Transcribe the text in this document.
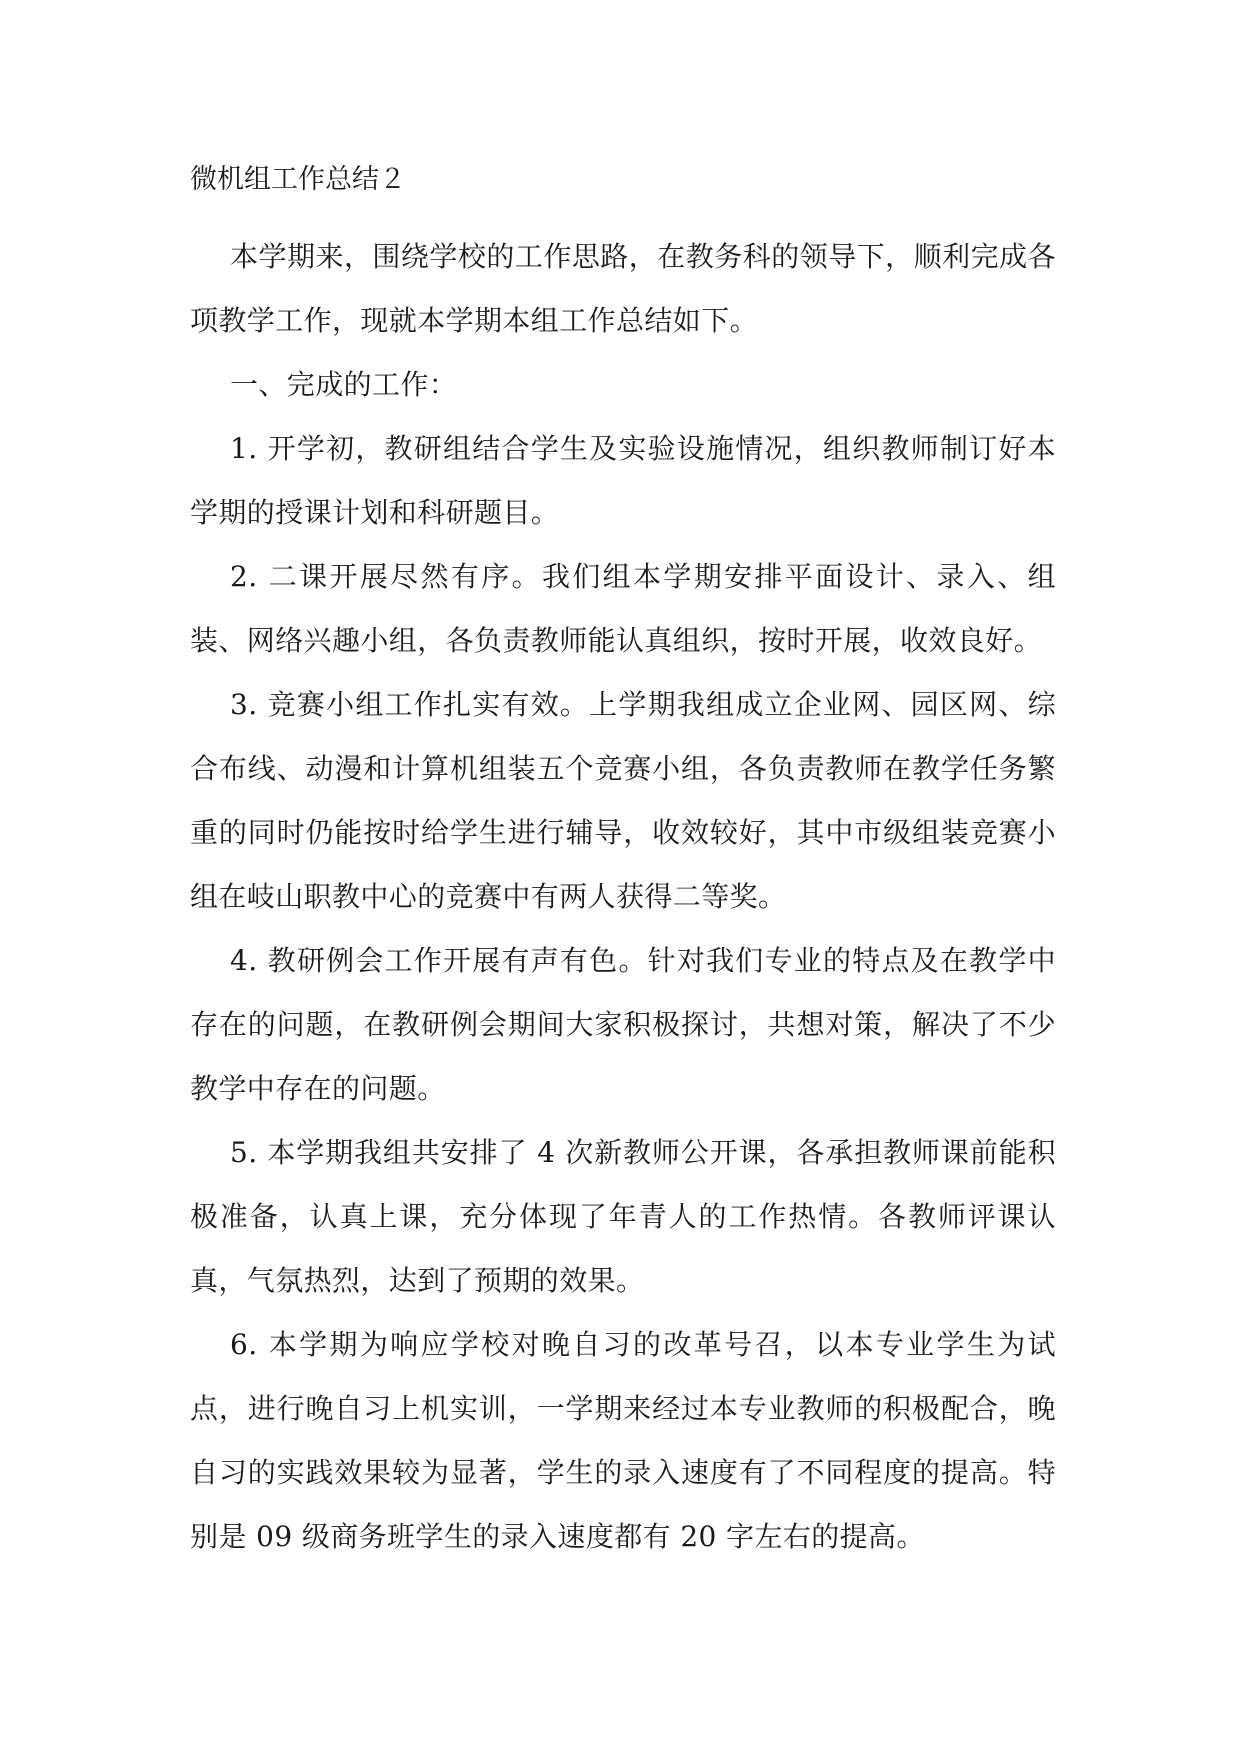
微机组工作总结２

本学期来，围绕学校的工作思路，在教务科的领导下，顺利完成各项教学工作，现就本学期本组工作总结如下。

一、完成的工作：

1. 开学初，教研组结合学生及实验设施情况，组织教师制订好本学期的授课计划和科研题目。

2. 二课开展尽然有序。我们组本学期安排平面设计、录入、组装、网络兴趣小组，各负责教师能认真组织，按时开展，收效良好。

3. 竞赛小组工作扎实有效。上学期我组成立企业网、园区网、综合布线、动漫和计算机组装五个竞赛小组，各负责教师在教学任务繁重的同时仍能按时给学生进行辅导，收效较好，其中市级组装竞赛小组在岐山职教中心的竞赛中有两人获得二等奖。

4. 教研例会工作开展有声有色。针对我们专业的特点及在教学中存在的问题，在教研例会期间大家积极探讨，共想对策，解决了不少教学中存在的问题。

5. 本学期我组共安排了 4 次新教师公开课，各承担教师课前能积极准备，认真上课，充分体现了年青人的工作热情。各教师评课认真，气氛热烈，达到了预期的效果。

6. 本学期为响应学校对晚自习的改革号召，以本专业学生为试点，进行晚自习上机实训，一学期来经过本专业教师的积极配合，晚自习的实践效果较为显著，学生的录入速度有了不同程度的提高。特别是 09 级商务班学生的录入速度都有 20 字左右的提高。
